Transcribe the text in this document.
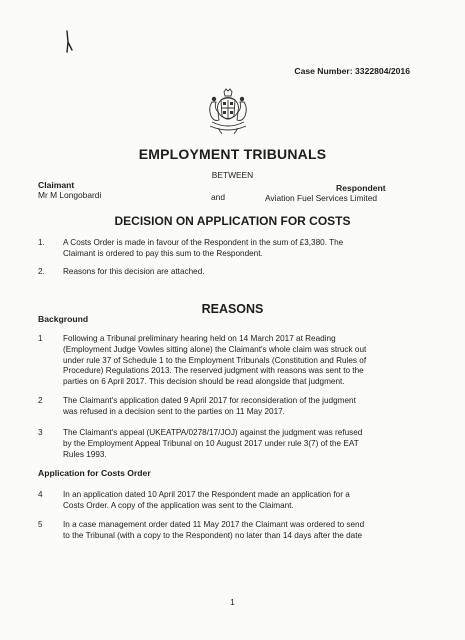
Case Number: 3322804/2016
EMPLOYMENT TRIBUNALS
BETWEEN
Claimant
Mr M Longobardi	and
Respondent
Aviation Fuel Services Limited
DECISION ON APPLICATION FOR COSTS
1. A Costs Order is made in favour of the Respondent in the sum of £3,380. The
Claimant is ordered to pay this sum to the Respondent.
2. Reasons for this decision are attached.
REASONS
Background
1 Following a Tribunal preliminary hearing held on 14 March 2017 at Reading
(Employment Judge Vowles sitting alone) the Claimant's whole claim was struck out
under rule 37 of Schedule 1 to the Employment Tribunals (Constitution and Rules of
Procedure) Regulations 2013. The reserved judgment with reasons was sent to the
parties on 6 April 2017. This decision should be read alongside that judgment.
2 The Claimant's application dated 9 April 2017 for reconsideration of the judgment
was refused in a decision sent to the parties on 11 May 2017.
3 The Claimant's appeal (UKEATPA/0278/17/JOJ) against the judgment was refused
by the Employment Appeal Tribunal on 10 August 2017 under rule 3(7) of the EAT
Rules 1993.
Application for Costs Order
4 In an application dated 10 April 2017 the Respondent made an application for a
Costs Order. A copy of the application was sent to the Claimant.
5 In a case management order dated 11 May 2017 the Claimant was ordered to send
to the Tribunal (with a copy to the Respondent) no later than 14 days after the date
1
